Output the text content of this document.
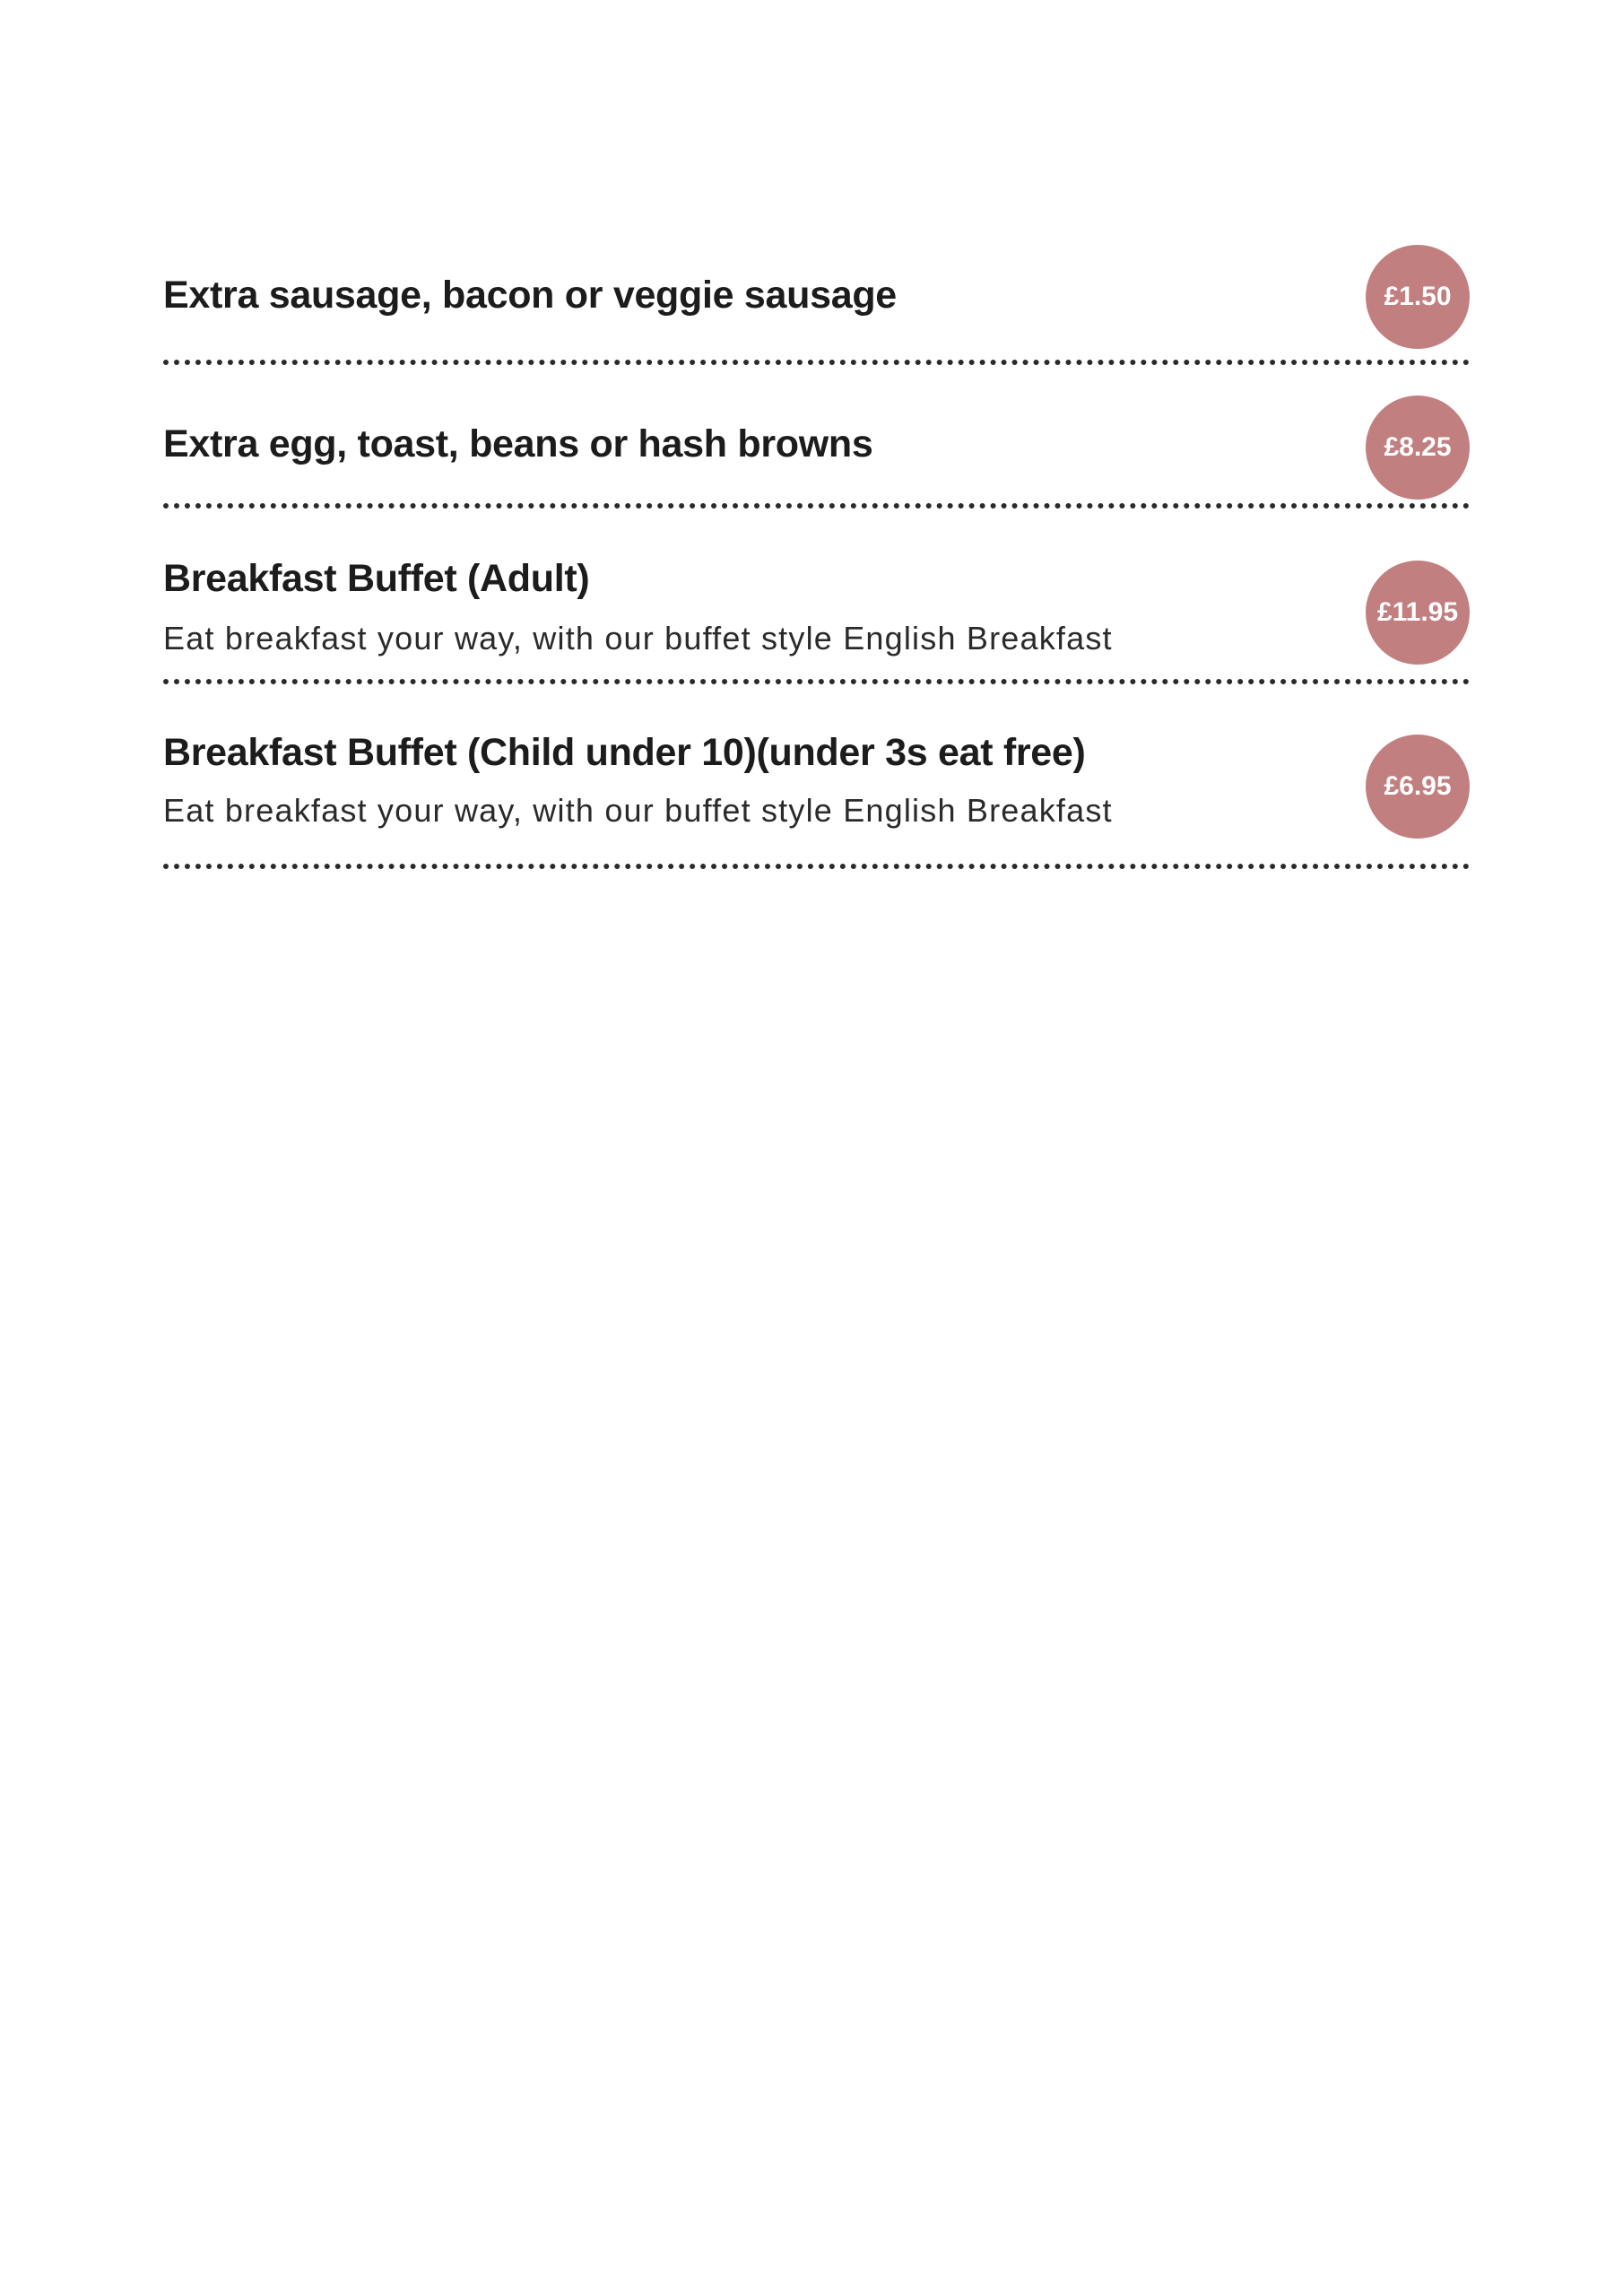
Extra sausage, bacon or veggie sausage	£1.50
Extra egg, toast, beans or hash browns	£8.25
Breakfast Buffet (Adult)
Eat breakfast your way, with our buffet style English Breakfast
£11.95
Breakfast Buffet (Child under 10)(under 3s eat free)
Eat breakfast your way, with our buffet style English Breakfast
£6.95
